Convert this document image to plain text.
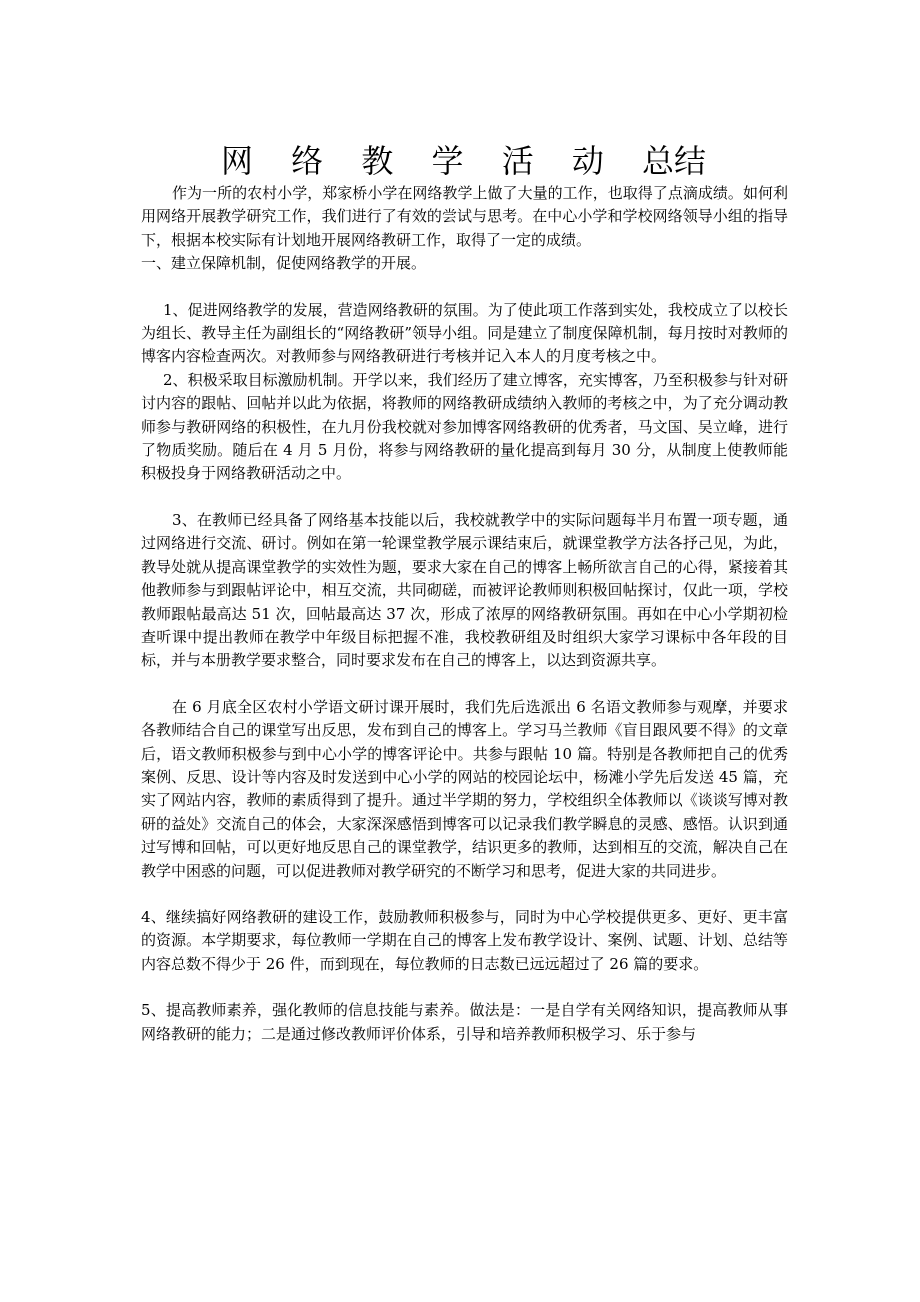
网 络 教 学 活 动 总结

作为一所的农村小学，郑家桥小学在网络教学上做了大量的工作，也取得了点滴成绩。如何利用网络开展教学研究工作，我们进行了有效的尝试与思考。在中心小学和学校网络领导小组的指导下，根据本校实际有计划地开展网络教研工作，取得了一定的成绩。

一、建立保障机制，促使网络教学的开展。

1、促进网络教学的发展，营造网络教研的氛围。为了使此项工作落到实处，我校成立了以校长为组长、教导主任为副组长的“网络教研”领导小组。同是建立了制度保障机制，每月按时对教师的博客内容检查两次。对教师参与网络教研进行考核并记入本人的月度考核之中。

2、积极采取目标激励机制。开学以来，我们经历了建立博客，充实博客，乃至积极参与针对研讨内容的跟帖、回帖并以此为依据，将教师的网络教研成绩纳入教师的考核之中，为了充分调动教师参与教研网络的积极性，在九月份我校就对参加博客网络教研的优秀者，马文国、吴立峰，进行了物质奖励。随后在 4 月 5 月份，将参与网络教研的量化提高到每月 30 分，从制度上使教师能积极投身于网络教研活动之中。

3、在教师已经具备了网络基本技能以后，我校就教学中的实际问题每半月布置一项专题，通过网络进行交流、研讨。例如在第一轮课堂教学展示课结束后，就课堂教学方法各抒己见，为此，教导处就从提高课堂教学的实效性为题，要求大家在自己的博客上畅所欲言自己的心得，紧接着其他教师参与到跟帖评论中，相互交流，共同砌磋，而被评论教师则积极回帖探讨，仅此一项，学校教师跟帖最高达 51 次，回帖最高达 37 次，形成了浓厚的网络教研氛围。再如在中心小学期初检查听课中提出教师在教学中年级目标把握不准，我校教研组及时组织大家学习课标中各年段的目标，并与本册教学要求整合，同时要求发布在自己的博客上，以达到资源共享。

在 6 月底全区农村小学语文研讨课开展时，我们先后选派出 6 名语文教师参与观摩，并要求各教师结合自己的课堂写出反思，发布到自己的博客上。学习马兰教师《盲目跟风要不得》的文章后，语文教师积极参与到中心小学的博客评论中。共参与跟帖 10 篇。特别是各教师把自己的优秀案例、反思、设计等内容及时发送到中心小学的网站的校园论坛中，杨滩小学先后发送 45 篇，充实了网站内容，教师的素质得到了提升。通过半学期的努力，学校组织全体教师以《谈谈写博对教研的益处》交流自己的体会，大家深深感悟到博客可以记录我们教学瞬息的灵感、感悟。认识到通过写博和回帖，可以更好地反思自己的课堂教学，结识更多的教师，达到相互的交流，解决自己在教学中困惑的问题，可以促进教师对教学研究的不断学习和思考，促进大家的共同进步。

4、继续搞好网络教研的建设工作，鼓励教师积极参与，同时为中心学校提供更多、更好、更丰富的资源。本学期要求，每位教师一学期在自己的博客上发布教学设计、案例、试题、计划、总结等内容总数不得少于 26 件，而到现在，每位教师的日志数已远远超过了 26 篇的要求。

5、提高教师素养，强化教师的信息技能与素养。做法是：一是自学有关网络知识，提高教师从事网络教研的能力；二是通过修改教师评价体系，引导和培养教师积极学习、乐于参与
